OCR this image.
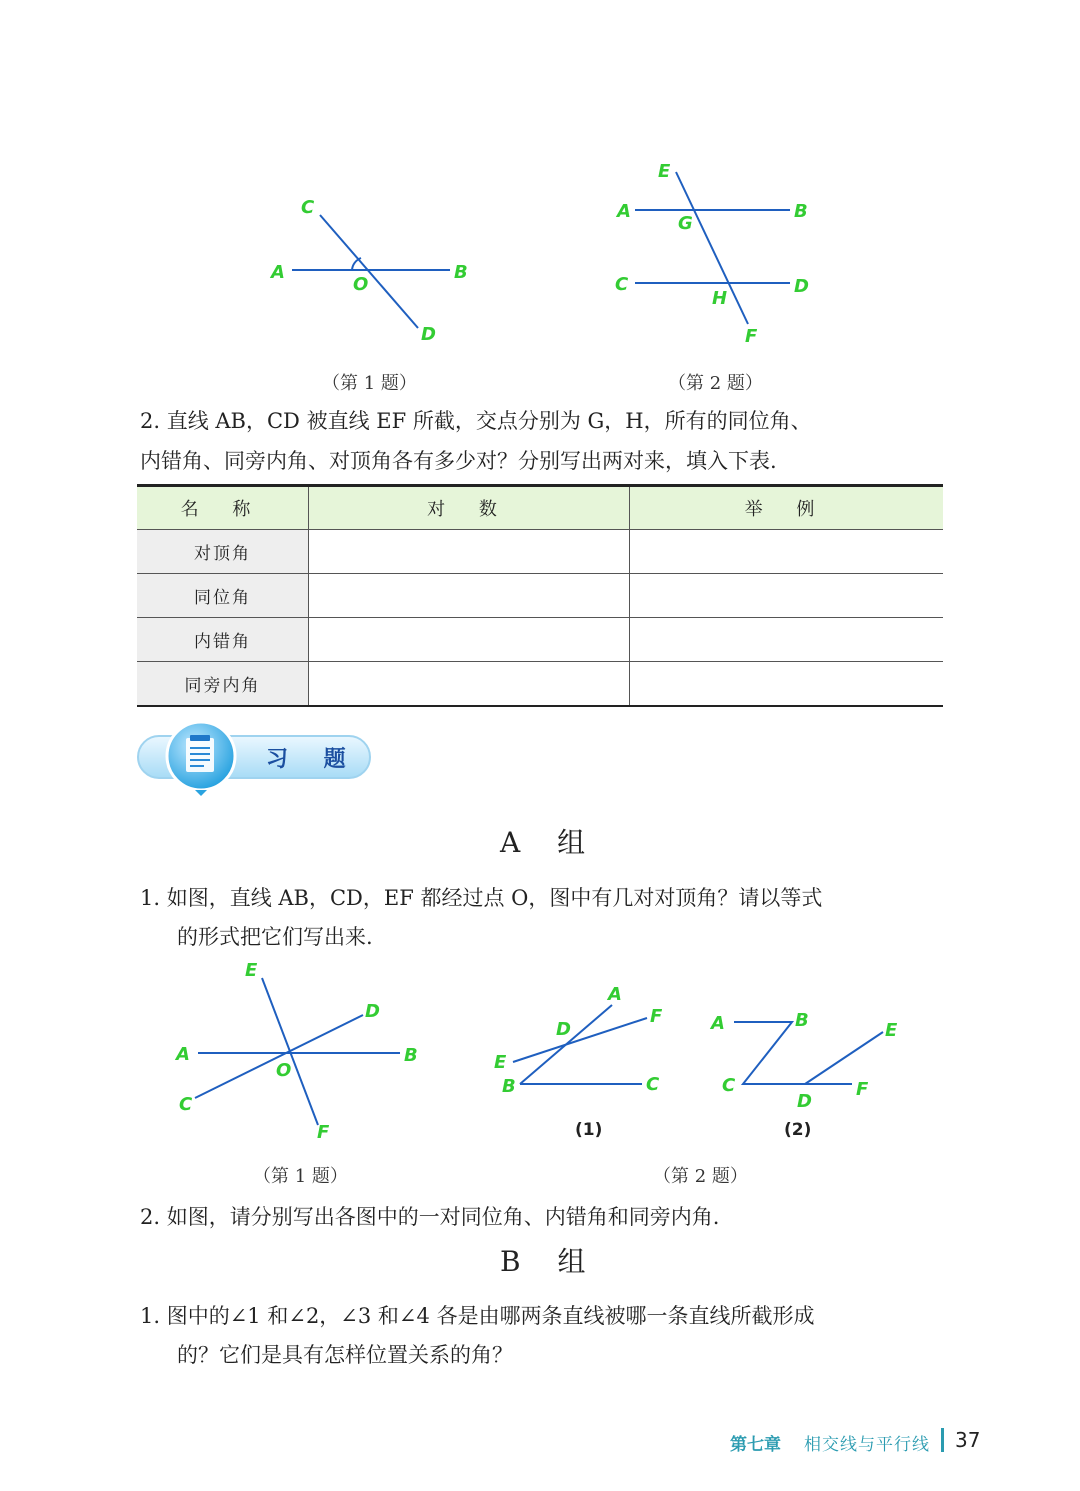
C
A
O
B
D
E
A
G
B
C
H
D
F
E
D
A	B
O
C
F
A
D
F
E
B	C
(1)
A	B	E
C
D
F
(2)
（第 1 题）	（第 2 题）
2. 直线 AB，CD 被直线 EF 所截，交点分别为 G，H，所有的同位角、
内错角、同旁内角、对顶角各有多少对？分别写出两对来，填入下表.
名 称	对 数	举 例
对顶角		
同位角		
内错角		
同旁内角		
习 题
A 组
1. 如图，直线 AB，CD，EF 都经过点 O，图中有几对对顶角？请以等式
的形式把它们写出来.
（第 1 题）	（第 2 题）
2. 如图，请分别写出各图中的一对同位角、内错角和同旁内角.
B 组
1. 图中的∠1 和∠2，∠3 和∠4 各是由哪两条直线被哪一条直线所截形成
的？它们是具有怎样位置关系的角？
第七章 相交线与平行线 37
